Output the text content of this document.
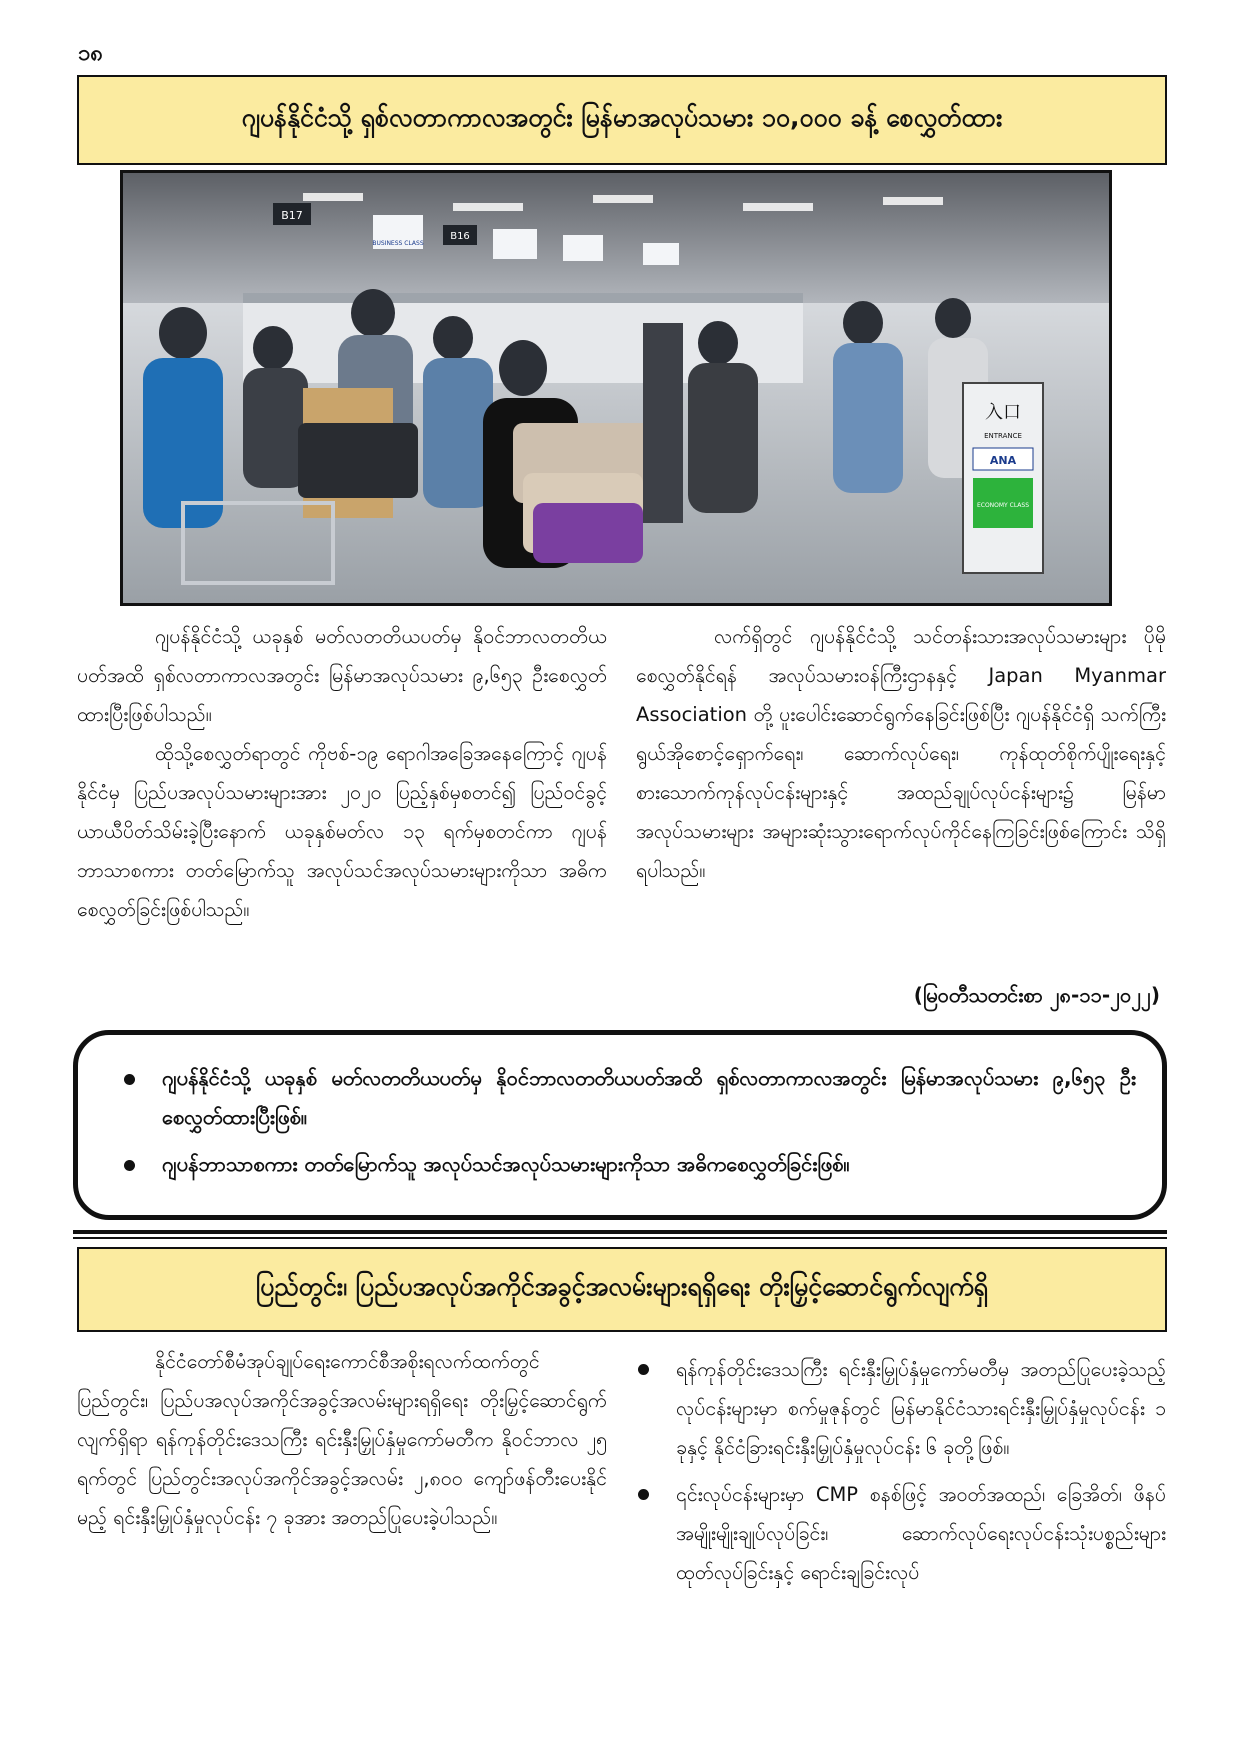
၁၈
ဂျပန်နိုင်ငံသို့ ရှစ်လတာကာလအတွင်း မြန်မာအလုပ်သမား ၁၀,၀၀၀ ခန့် စေလွှတ်ထား
B17
B16
BUSINESS CLASS
入口
ENTRANCE
ANA
ECONOMY CLASS

ဂျပန်နိုင်ငံသို့ ယခုနှစ် မတ်လတတိယပတ်မှ နိုဝင်ဘာလတတိယပတ်အထိ ရှစ်လတာကာလအတွင်း မြန်မာအလုပ်သမား ၉,၆၅၃ ဦးစေလွှတ်ထားပြီးဖြစ်ပါသည်။

ထိုသို့စေလွှတ်ရာတွင် ကိုဗစ်-၁၉ ရောဂါအခြေအနေကြောင့် ဂျပန်နိုင်ငံမှ ပြည်ပအလုပ်သမားများအား ၂၀၂၀ ပြည့်နှစ်မှစတင်၍ ပြည်ဝင်ခွင့်ယာယီပိတ်သိမ်းခဲ့ပြီးနောက် ယခုနှစ်မတ်လ ၁၃ ရက်မှစတင်ကာ ဂျပန်ဘာသာစကား တတ်မြောက်သူ အလုပ်သင်အလုပ်သမားများကိုသာ အဓိကစေလွှတ်ခြင်းဖြစ်ပါသည်။

လက်ရှိတွင် ဂျပန်နိုင်ငံသို့ သင်တန်းသားအလုပ်သမားများ ပိုမိုစေလွှတ်နိုင်ရန် အလုပ်သမားဝန်ကြီးဌာနနှင့် Japan Myanmar Association တို့ ပူးပေါင်းဆောင်ရွက်နေခြင်းဖြစ်ပြီး ဂျပန်နိုင်ငံရှိ သက်ကြီးရွယ်အိုစောင့်ရှောက်ရေး၊ ဆောက်လုပ်ရေး၊ ကုန်ထုတ်စိုက်ပျိုးရေးနှင့် စားသောက်ကုန်လုပ်ငန်းများနှင့် အထည်ချုပ်လုပ်ငန်းများ၌ မြန်မာအလုပ်သမားများ အများဆုံးသွားရောက်လုပ်ကိုင်နေကြခြင်းဖြစ်ကြောင်း သိရှိရပါသည်။

(မြဝတီသတင်းစာ ၂၈-၁၁-၂၀၂၂)
ဂျပန်နိုင်ငံသို့ ယခုနှစ် မတ်လတတိယပတ်မှ နိုဝင်ဘာလတတိယပတ်အထိ ရှစ်လတာကာလအတွင်း မြန်မာအလုပ်သမား ၉,၆၅၃ ဦးစေလွှတ်ထားပြီးဖြစ်။
ဂျပန်ဘာသာစကား တတ်မြောက်သူ အလုပ်သင်အလုပ်သမားများကိုသာ အဓိကစေလွှတ်ခြင်းဖြစ်။
ပြည်တွင်း၊ ပြည်ပအလုပ်အကိုင်အခွင့်အလမ်းများရရှိရေး တိုးမြှင့်ဆောင်ရွက်လျက်ရှိ

နိုင်ငံတော်စီမံအုပ်ချုပ်ရေးကောင်စီအစိုးရလက်ထက်တွင် ပြည်တွင်း၊ ပြည်ပအလုပ်အကိုင်အခွင့်အလမ်းများရရှိရေး တိုးမြှင့်ဆောင်ရွက်လျက်ရှိရာ ရန်ကုန်တိုင်းဒေသကြီး ရင်းနှီးမြှုပ်နှံမှုကော်မတီက နိုဝင်ဘာလ ၂၅ ရက်တွင် ပြည်တွင်းအလုပ်အကိုင်အခွင့်အလမ်း ၂,၈၀၀ ကျော်ဖန်တီးပေးနိုင်မည့် ရင်းနှီးမြှုပ်နှံမှုလုပ်ငန်း ၇ ခုအား အတည်ပြုပေးခဲ့ပါသည်။

ရန်ကုန်တိုင်းဒေသကြီး ရင်းနှီးမြှုပ်နှံမှုကော်မတီမှ အတည်ပြုပေးခဲ့သည့်လုပ်ငန်းများမှာ စက်မှုဇုန်တွင် မြန်မာနိုင်ငံသားရင်းနှီးမြှုပ်နှံမှုလုပ်ငန်း ၁ ခုနှင့် နိုင်ငံခြားရင်းနှီးမြှုပ်နှံမှုလုပ်ငန်း ၆ ခုတို့ဖြစ်။
၎င်းလုပ်ငန်းများမှာ CMP စနစ်ဖြင့် အဝတ်အထည်၊ ခြေအိတ်၊ ဖိနပ်အမျိုးမျိုးချုပ်လုပ်ခြင်း၊ ဆောက်လုပ်ရေးလုပ်ငန်းသုံးပစ္စည်းများ ထုတ်လုပ်ခြင်းနှင့် ရောင်းချခြင်းလုပ်
